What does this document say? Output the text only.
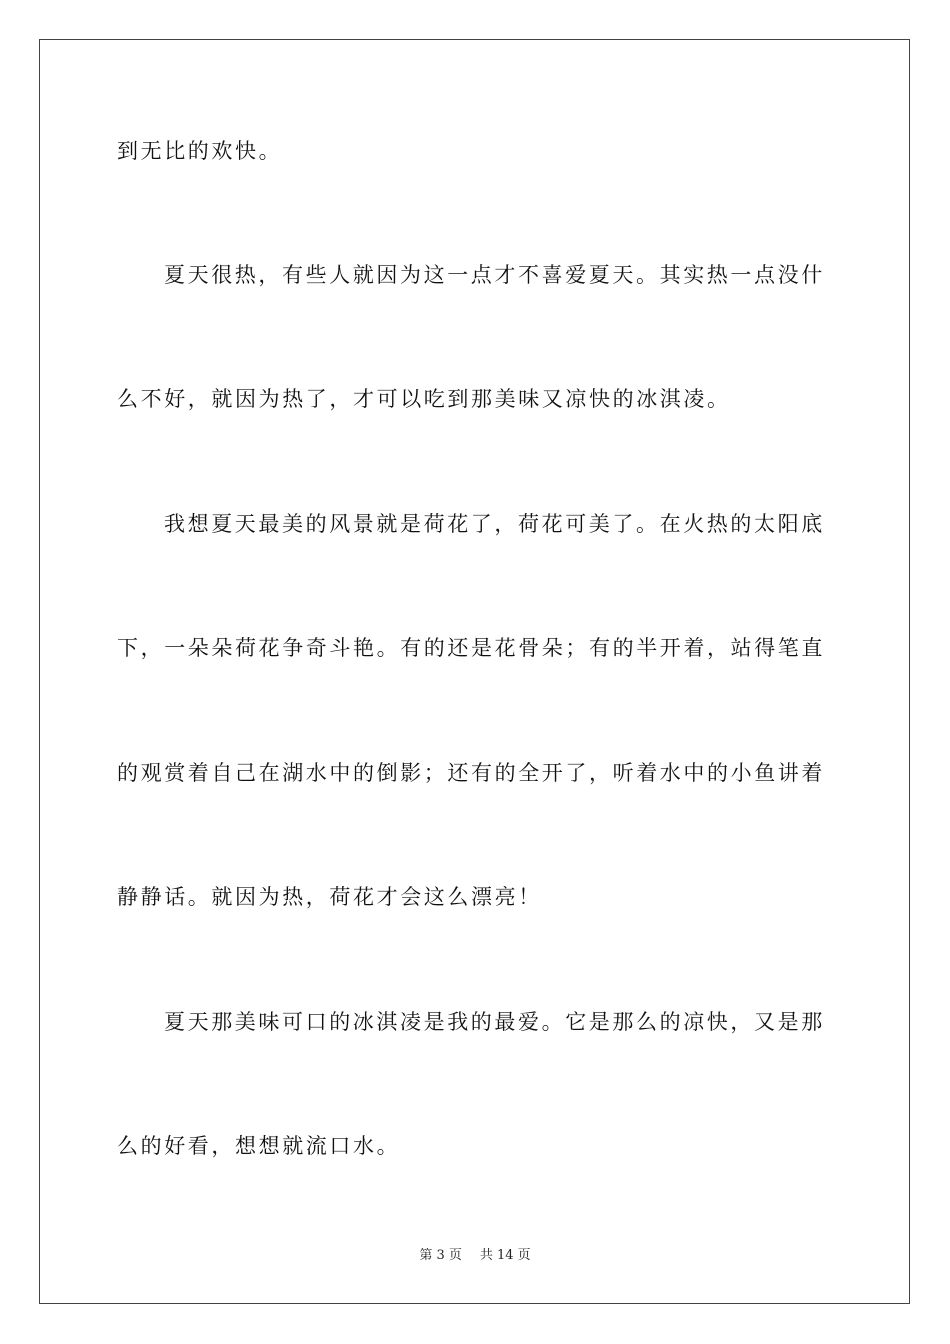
到无比的欢快。
夏天很热，有些人就因为这一点才不喜爱夏天。其实热一点没什
么不好，就因为热了，才可以吃到那美味又凉快的冰淇凌。
我想夏天最美的风景就是荷花了，荷花可美了。在火热的太阳底
下，一朵朵荷花争奇斗艳。有的还是花骨朵；有的半开着，站得笔直
的观赏着自己在湖水中的倒影；还有的全开了，听着水中的小鱼讲着
静静话。就因为热，荷花才会这么漂亮！
夏天那美味可口的冰淇凌是我的最爱。它是那么的凉快，又是那
么的好看，想想就流口水。
第 3 页 共 14 页
